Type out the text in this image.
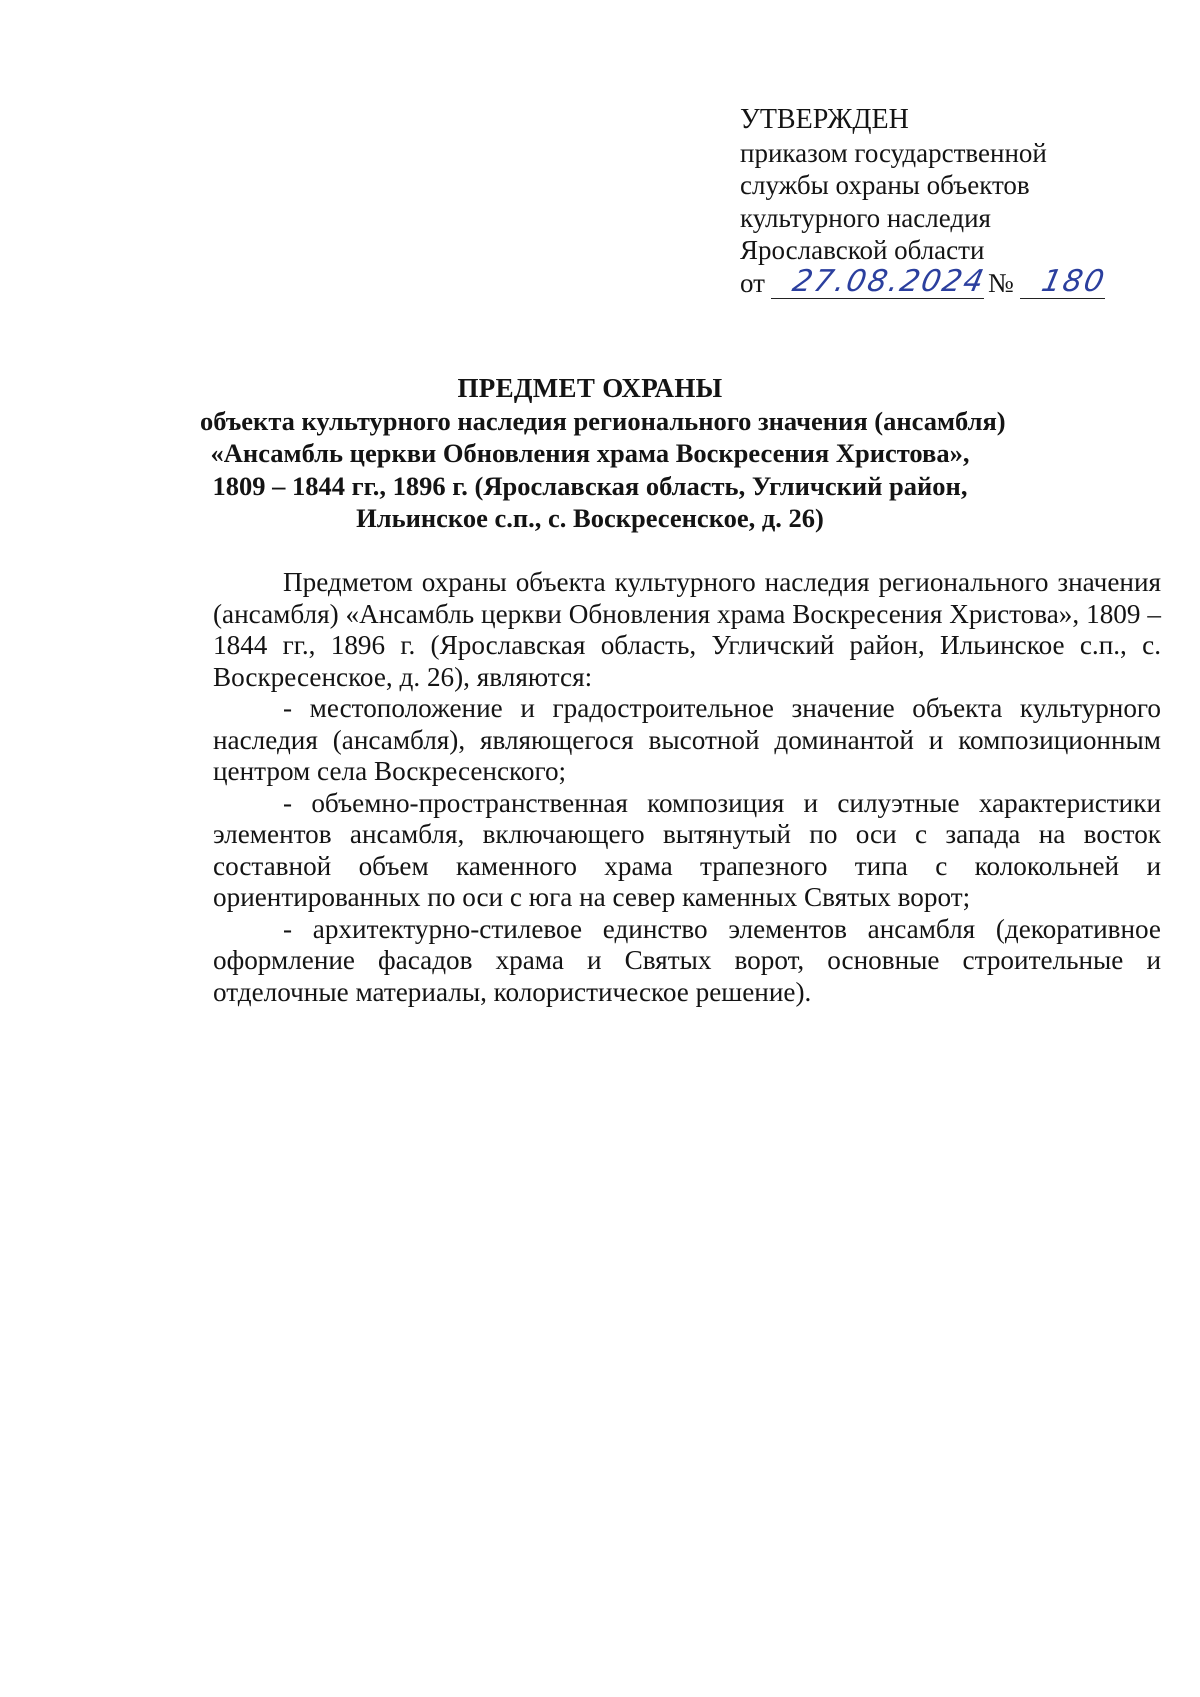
УТВЕРЖДЕН
приказом государственной
службы охраны объектов
культурного наследия
Ярославской области
от 27.08.2024 № 180
ПРЕДМЕТ ОХРАНЫ
объекта культурного наследия регионального значения (ансамбля)
«Ансамбль церкви Обновления храма Воскресения Христова»,
1809 – 1844 гг., 1896 г. (Ярославская область, Угличский район,
Ильинское с.п., с. Воскресенское, д. 26)

Предметом охраны объекта культурного наследия регионального значения (ансамбля) «Ансамбль церкви Обновления храма Воскресения Христова», 1809 – 1844 гг., 1896 г. (Ярославская область, Угличский район, Ильинское с.п., с. Воскресенское, д. 26), являются:

- местоположение и градостроительное значение объекта культурного наследия (ансамбля), являющегося высотной доминантой и композиционным центром села Воскресенского;

- объемно-пространственная композиция и силуэтные характеристики элементов ансамбля, включающего вытянутый по оси с запада на восток составной объем каменного храма трапезного типа с колокольней и ориентированных по оси с юга на север каменных Святых ворот;

- архитектурно-стилевое единство элементов ансамбля (декоративное оформление фасадов храма и Святых ворот, основные строительные и отделочные материалы, колористическое решение).
